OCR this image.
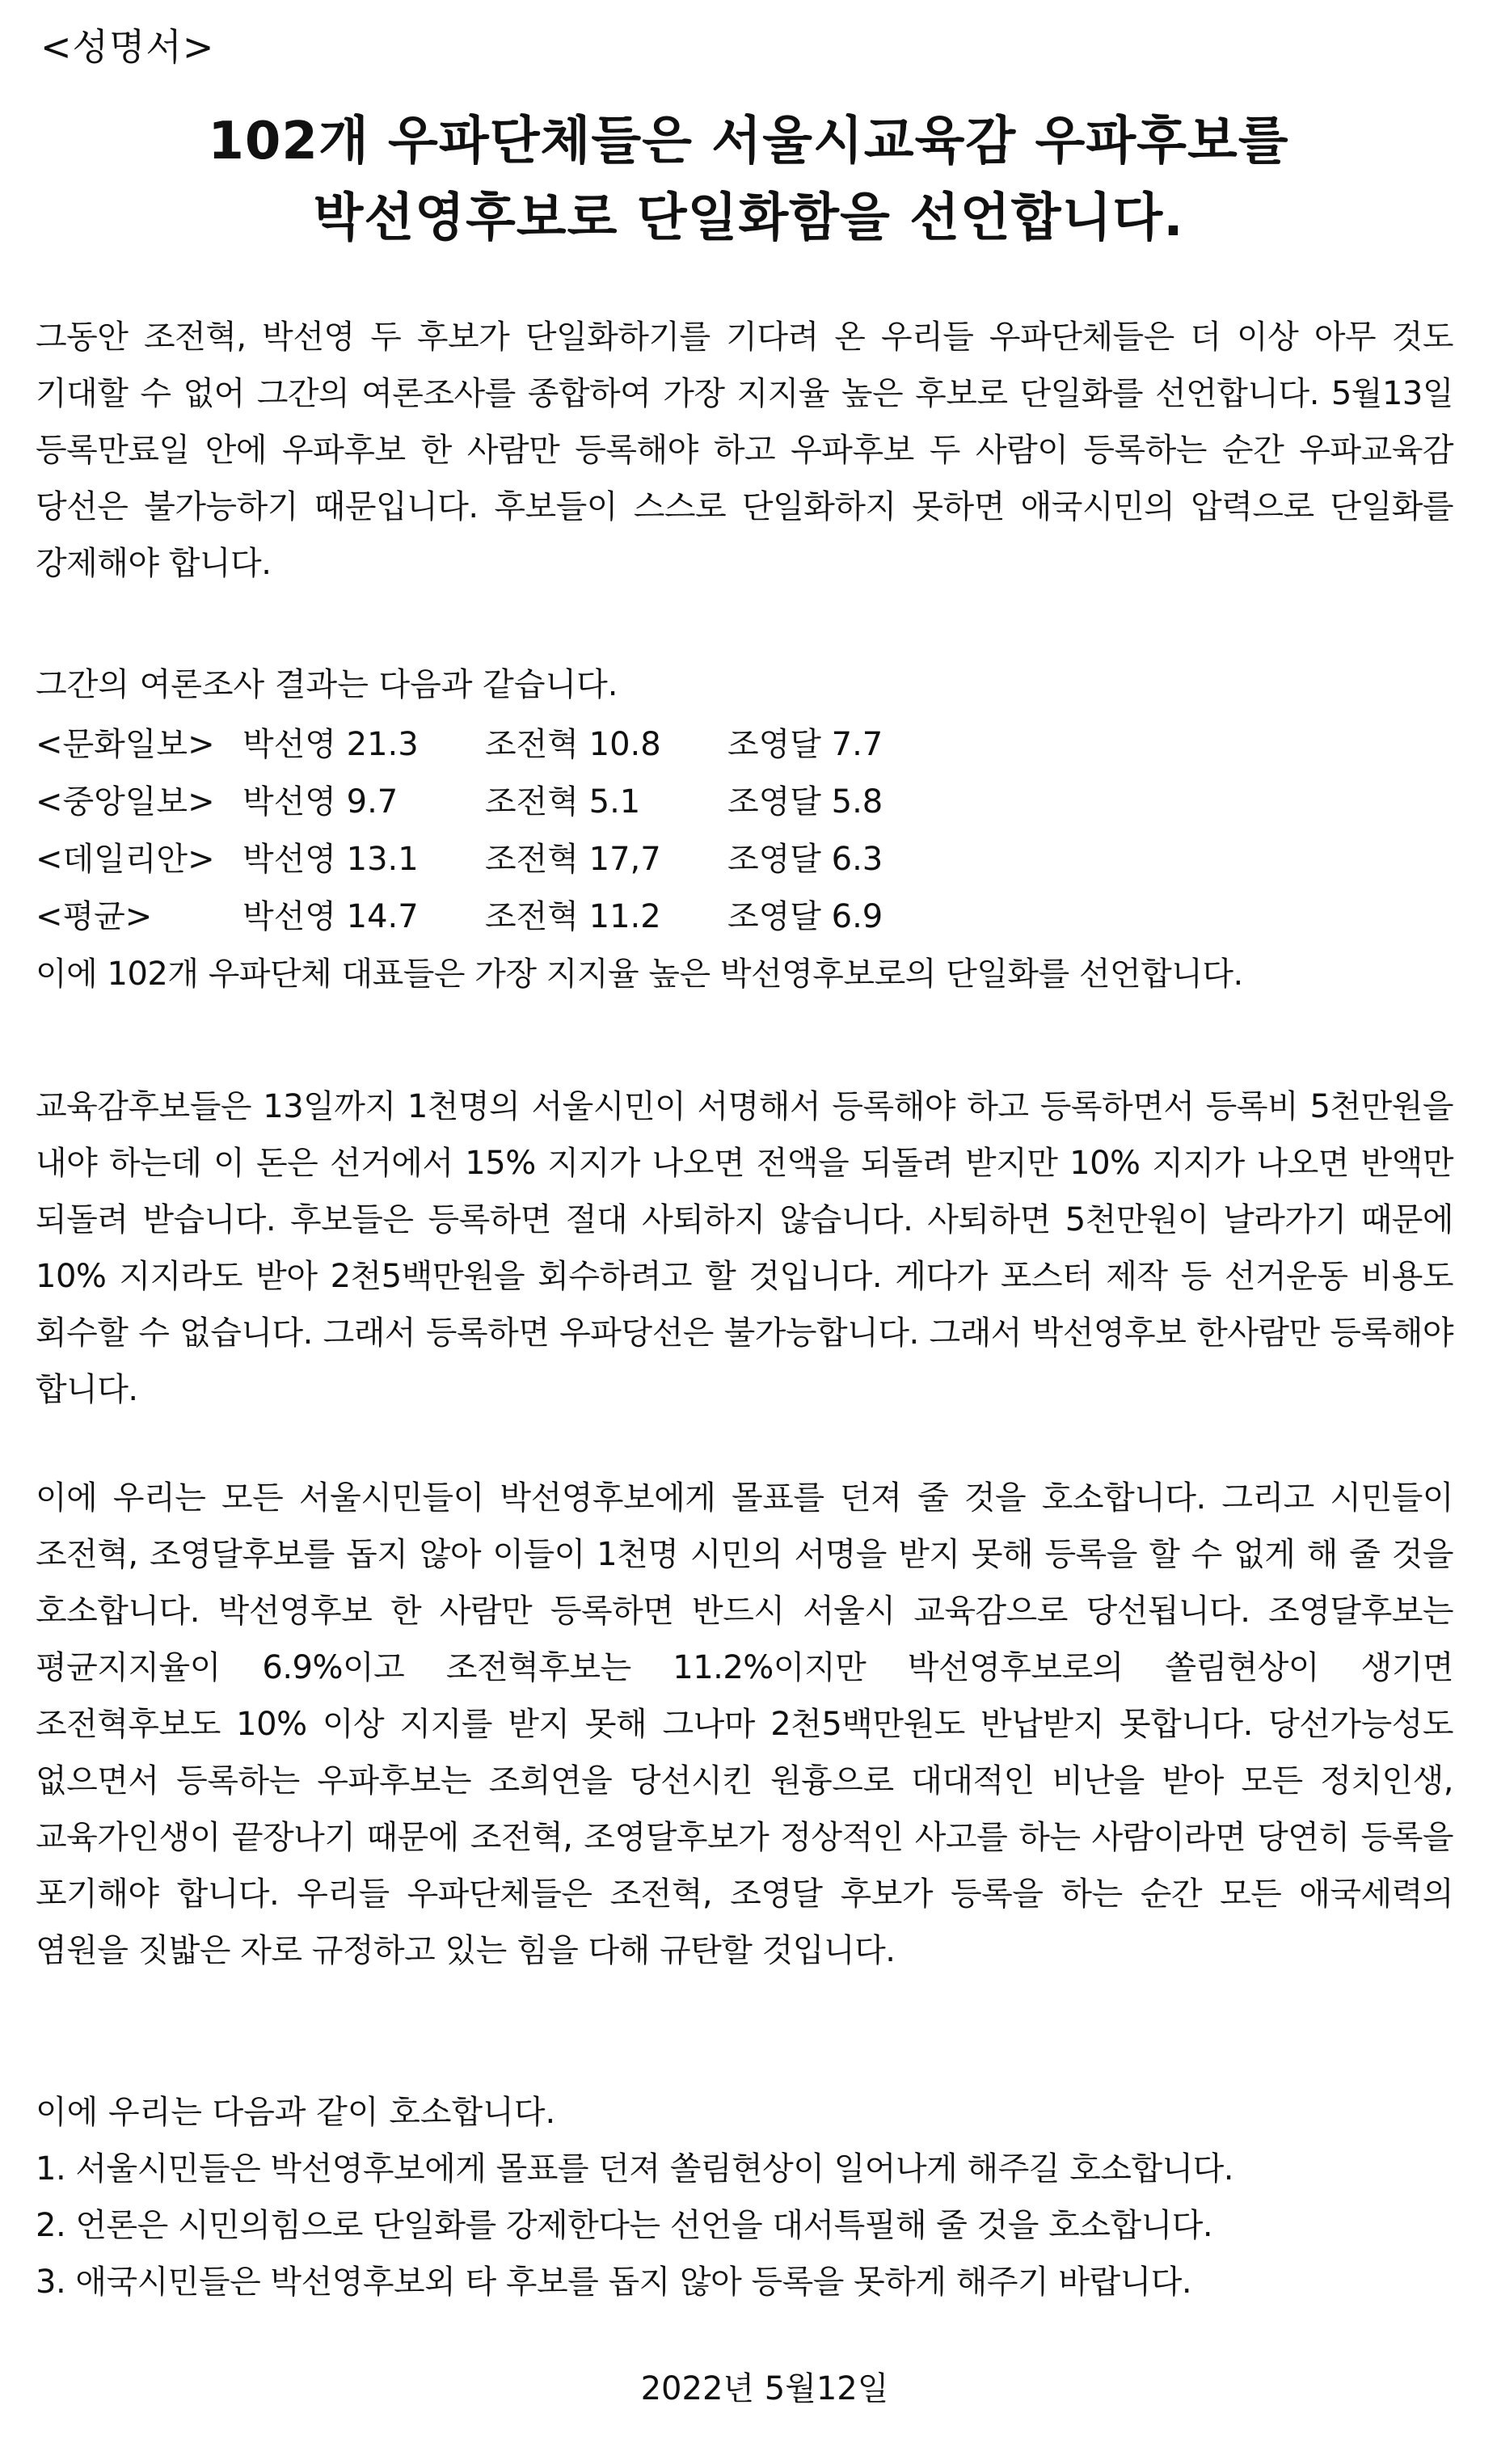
<성명서>
102개 우파단체들은 서울시교육감 우파후보를
박선영후보로 단일화함을 선언합니다.

그동안 조전혁, 박선영 두 후보가 단일화하기를 기다려 온 우리들 우파단체들은 더 이상 아무 것도 기대할 수 없어 그간의 여론조사를 종합하여 가장 지지율 높은 후보로 단일화를 선언합니다. 5월13일 등록만료일 안에 우파후보 한 사람만 등록해야 하고 우파후보 두 사람이 등록하는 순간 우파교육감 당선은 불가능하기 때문입니다. 후보들이 스스로 단일화하지 못하면 애국시민의 압력으로 단일화를 강제해야 합니다.

그간의 여론조사 결과는 다음과 같습니다.
<문화일보>	박선영 21.3	조전혁 10.8	조영달 7.7
<중앙일보>	박선영 9.7	조전혁 5.1	조영달 5.8
<데일리안>	박선영 13.1	조전혁 17,7	조영달 6.3
<평균>	박선영 14.7	조전혁 11.2	조영달 6.9
이에 102개 우파단체 대표들은 가장 지지율 높은 박선영후보로의 단일화를 선언합니다.

교육감후보들은 13일까지 1천명의 서울시민이 서명해서 등록해야 하고 등록하면서 등록비 5천만원을 내야 하는데 이 돈은 선거에서 15% 지지가 나오면 전액을 되돌려 받지만 10% 지지가 나오면 반액만 되돌려 받습니다. 후보들은 등록하면 절대 사퇴하지 않습니다. 사퇴하면 5천만원이 날라가기 때문에 10% 지지라도 받아 2천5백만원을 회수하려고 할 것입니다. 게다가 포스터 제작 등 선거운동 비용도 회수할 수 없습니다. 그래서 등록하면 우파당선은 불가능합니다. 그래서 박선영후보 한사람만 등록해야 합니다.

이에 우리는 모든 서울시민들이 박선영후보에게 몰표를 던져 줄 것을 호소합니다. 그리고 시민들이 조전혁, 조영달후보를 돕지 않아 이들이 1천명 시민의 서명을 받지 못해 등록을 할 수 없게 해 줄 것을 호소합니다. 박선영후보 한 사람만 등록하면 반드시 서울시 교육감으로 당선됩니다. 조영달후보는 평균지지율이 6.9%이고 조전혁후보는 11.2%이지만 박선영후보로의 쏠림현상이 생기면 조전혁후보도 10% 이상 지지를 받지 못해 그나마 2천5백만원도 반납받지 못합니다. 당선가능성도 없으면서 등록하는 우파후보는 조희연을 당선시킨 원흉으로 대대적인 비난을 받아 모든 정치인생, 교육가인생이 끝장나기 때문에 조전혁, 조영달후보가 정상적인 사고를 하는 사람이라면 당연히 등록을 포기해야 합니다. 우리들 우파단체들은 조전혁, 조영달 후보가 등록을 하는 순간 모든 애국세력의 염원을 짓밟은 자로 규정하고 있는 힘을 다해 규탄할 것입니다.

이에 우리는 다음과 같이 호소합니다.
1. 서울시민들은 박선영후보에게 몰표를 던져 쏠림현상이 일어나게 해주길 호소합니다.
2. 언론은 시민의힘으로 단일화를 강제한다는 선언을 대서특필해 줄 것을 호소합니다.
3. 애국시민들은 박선영후보외 타 후보를 돕지 않아 등록을 못하게 해주기 바랍니다.
2022년 5월12일
